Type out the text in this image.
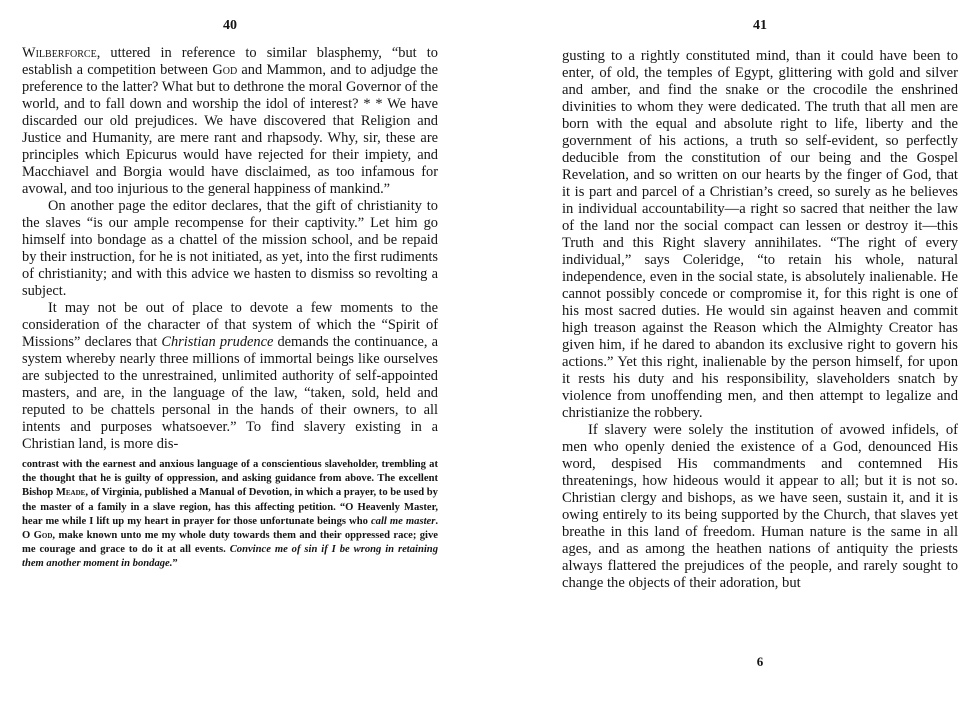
40

Wilberforce, uttered in reference to similar blasphemy, “but to establish a competition between God and Mammon, and to adjudge the preference to the latter? What but to dethrone the moral Governor of the world, and to fall down and worship the idol of interest? * * We have discarded our old prejudices. We have discovered that Religion and Justice and Humanity, are mere rant and rhapsody. Why, sir, these are principles which Epicurus would have rejected for their impiety, and Macchiavel and Borgia would have disclaimed, as too infamous for avowal, and too injurious to the general happiness of mankind.”

On another page the editor declares, that the gift of christianity to the slaves “is our ample recompense for their captivity.” Let him go himself into bondage as a chattel of the mission school, and be repaid by their instruction, for he is not initiated, as yet, into the first rudiments of christianity; and with this advice we hasten to dismiss so revolting a subject.

It may not be out of place to devote a few moments to the consideration of the character of that system of which the “Spirit of Missions” declares that Christian prudence demands the continuance, a system whereby nearly three millions of immortal beings like ourselves are subjected to the unrestrained, unlimited authority of self-appointed masters, and are, in the language of the law, “taken, sold, held and reputed to be chattels personal in the hands of their owners, to all intents and purposes whatsoever.” To find slavery existing in a Christian land, is more dis-

contrast with the earnest and anxious language of a conscientious slaveholder, trembling at the thought that he is guilty of oppression, and asking guidance from above. The excellent Bishop Meade, of Virginia, published a Manual of Devotion, in which a prayer, to be used by the master of a family in a slave region, has this affecting petition. “O Heavenly Master, hear me while I lift up my heart in prayer for those unfortunate beings who call me master. O God, make known unto me my whole duty towards them and their oppressed race; give me courage and grace to do it at all events. Convince me of sin if I be wrong in retaining them another moment in bondage.”

41

gusting to a rightly constituted mind, than it could have been to enter, of old, the temples of Egypt, glittering with gold and silver and amber, and find the snake or the crocodile the enshrined divinities to whom they were dedicated. The truth that all men are born with the equal and absolute right to life, liberty and the government of his actions, a truth so self-evident, so perfectly deducible from the constitution of our being and the Gospel Revelation, and so written on our hearts by the finger of God, that it is part and parcel of a Christian’s creed, so surely as he believes in individual accountability—a right so sacred that neither the law of the land nor the social compact can lessen or destroy it—this Truth and this Right slavery annihilates. “The right of every individual,” says Coleridge, “to retain his whole, natural independence, even in the social state, is absolutely inalienable. He cannot possibly concede or compromise it, for this right is one of his most sacred duties. He would sin against heaven and commit high treason against the Reason which the Almighty Creator has given him, if he dared to abandon its exclusive right to govern his actions.” Yet this right, inalienable by the person himself, for upon it rests his duty and his responsibility, slaveholders snatch by violence from unoffending men, and then attempt to legalize and christianize the robbery.

If slavery were solely the institution of avowed infidels, of men who openly denied the existence of a God, denounced His word, despised His commandments and contemned His threatenings, how hideous would it appear to all; but it is not so. Christian clergy and bishops, as we have seen, sustain it, and it is owing entirely to its being supported by the Church, that slaves yet breathe in this land of freedom. Human nature is the same in all ages, and as among the heathen nations of antiquity the priests always flattered the prejudices of the people, and rarely sought to change the objects of their adoration, but

6
